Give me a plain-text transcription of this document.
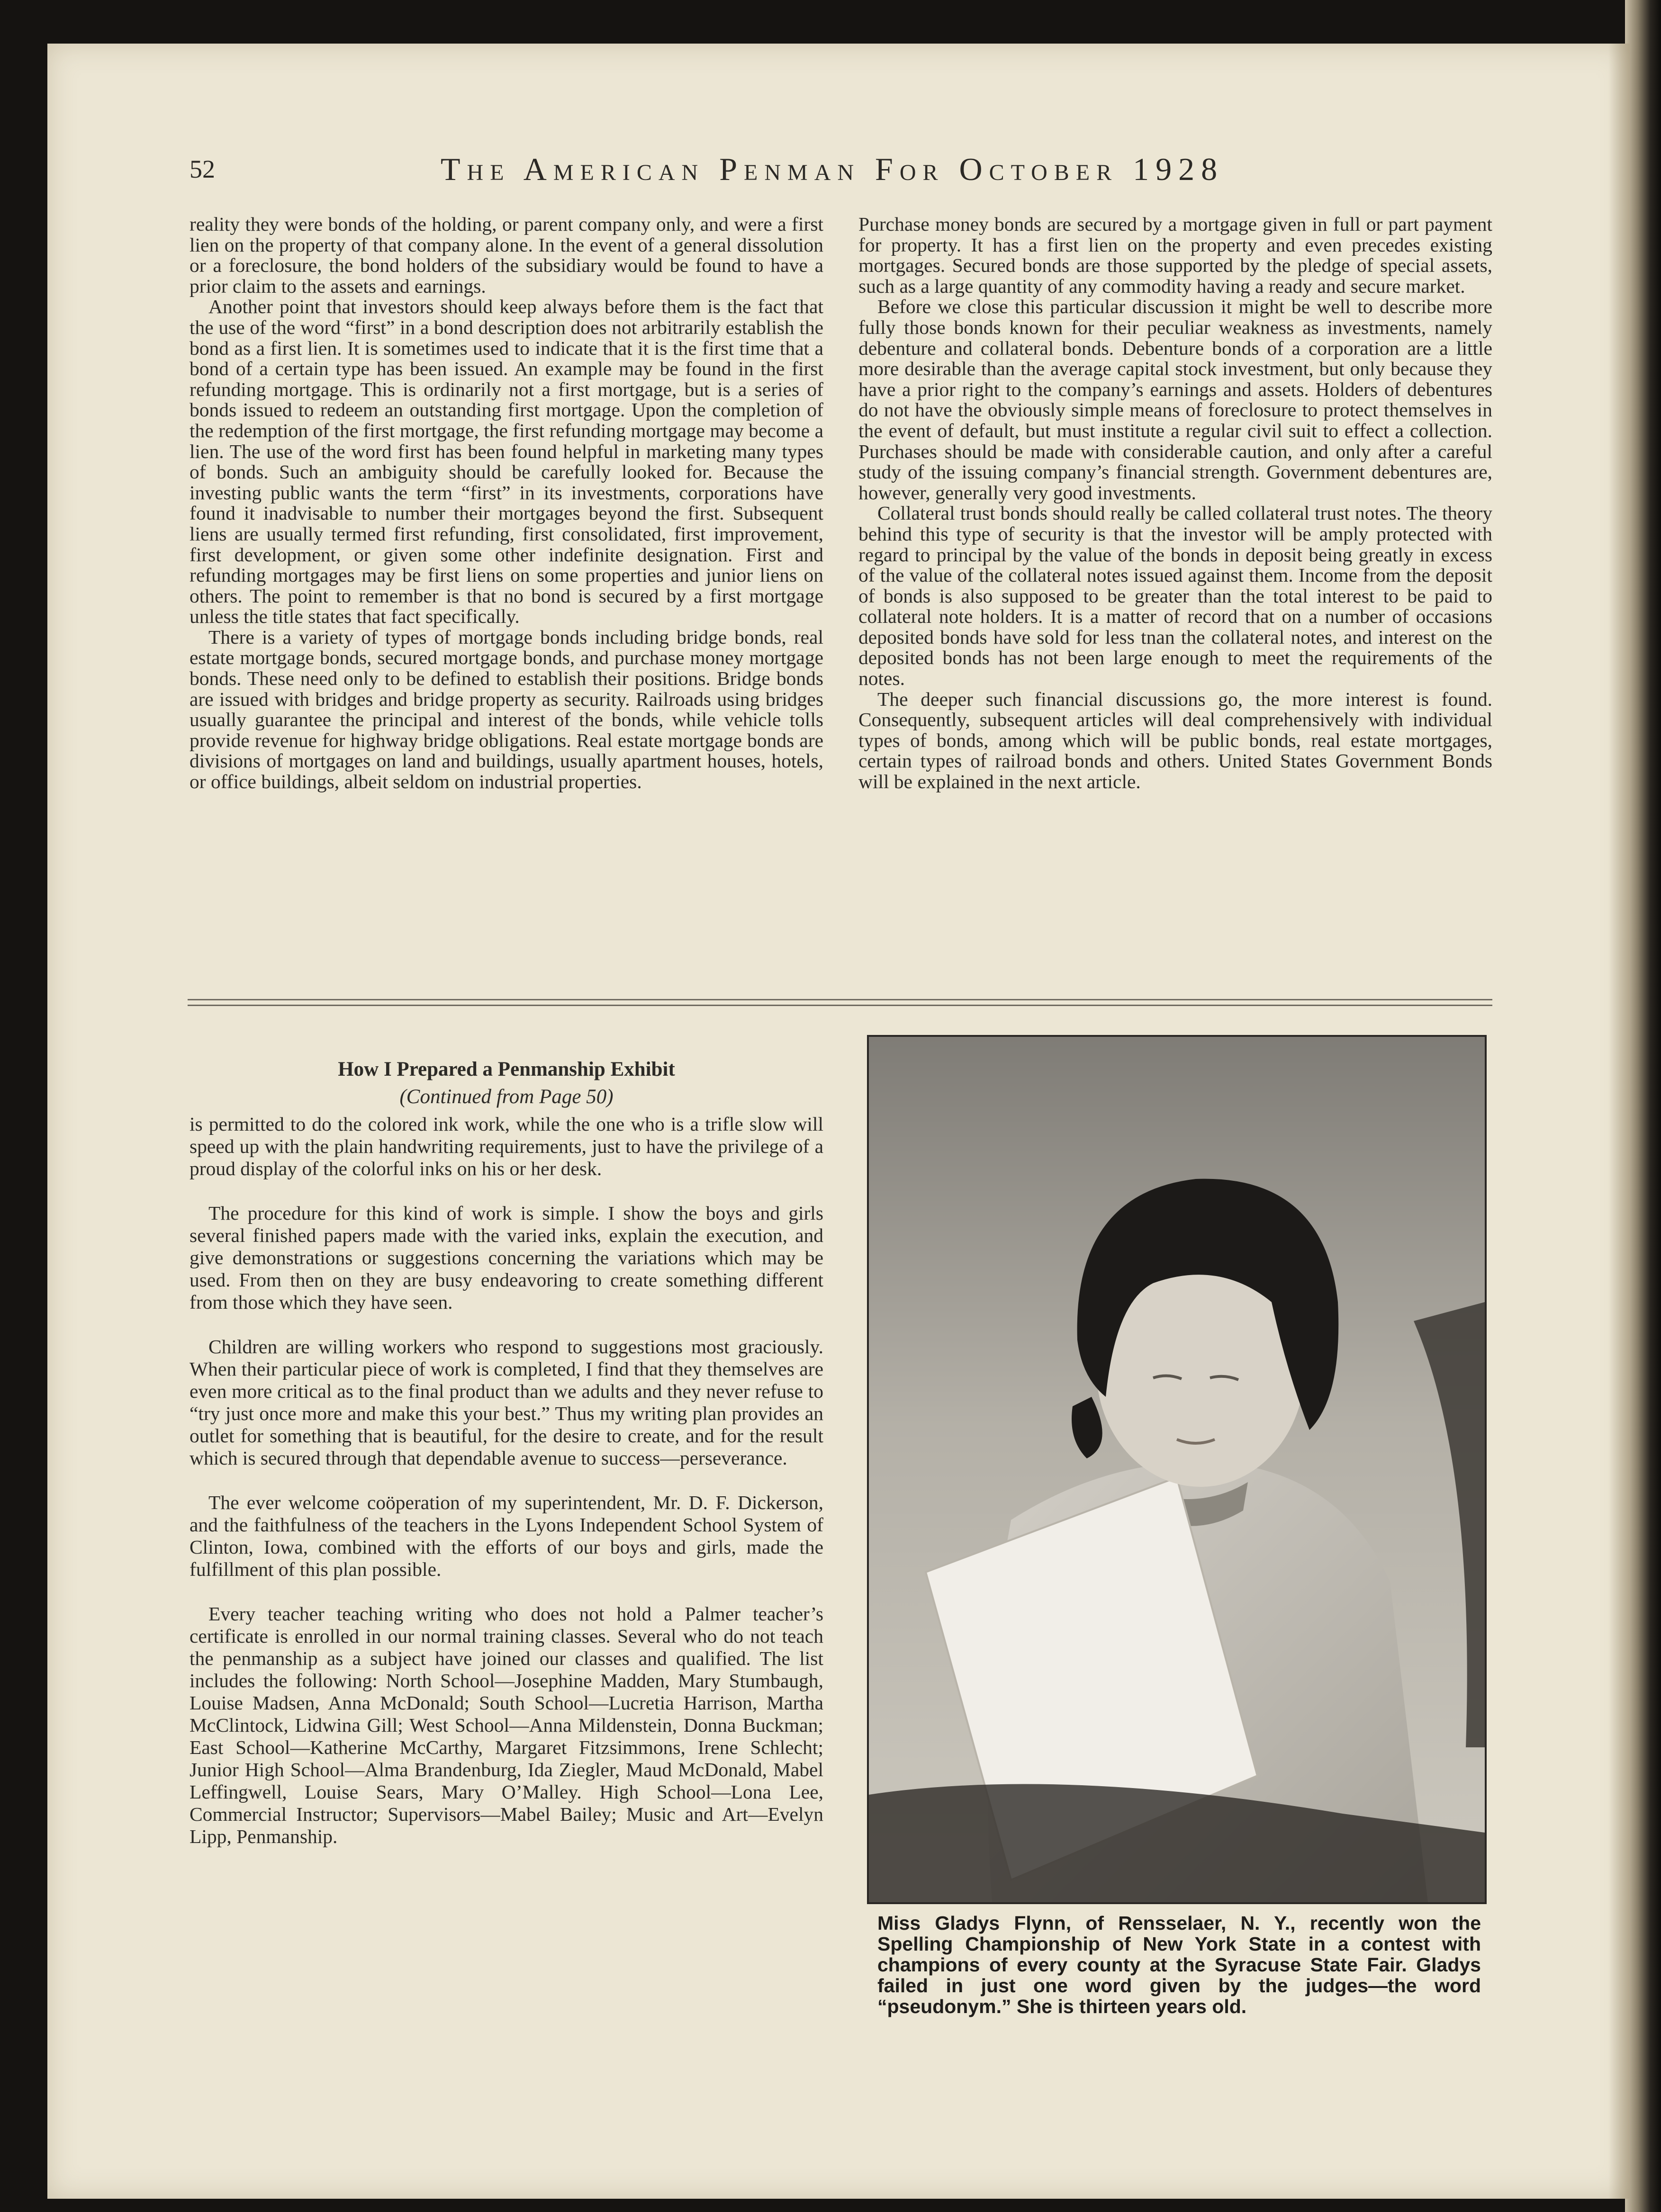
52	The American Penman For October 1928

reality they were bonds of the holding, or parent company only, and were a first lien on the property of that company alone. In the event of a general dissolution or a foreclosure, the bond holders of the subsidiary would be found to have a prior claim to the assets and earnings.

Another point that investors should keep always before them is the fact that the use of the word “first” in a bond description does not arbitrarily establish the bond as a first lien. It is sometimes used to indicate that it is the first time that a bond of a certain type has been issued. An example may be found in the first refunding mortgage. This is ordinarily not a first mortgage, but is a series of bonds issued to redeem an outstanding first mortgage. Upon the completion of the redemption of the first mortgage, the first refunding mortgage may become a lien. The use of the word first has been found helpful in marketing many types of bonds. Such an ambiguity should be carefully looked for. Because the investing public wants the term “first” in its investments, corporations have found it inadvisable to number their mortgages beyond the first. Subsequent liens are usually termed first refunding, first consolidated, first improvement, first development, or given some other indefinite designation. First and refunding mortgages may be first liens on some properties and junior liens on others. The point to remember is that no bond is secured by a first mortgage unless the title states that fact specifically.

There is a variety of types of mortgage bonds including bridge bonds, real estate mortgage bonds, secured mortgage bonds, and purchase money mortgage bonds. These need only to be defined to establish their positions. Bridge bonds are issued with bridges and bridge property as security. Railroads using bridges usually guarantee the principal and interest of the bonds, while vehicle tolls provide revenue for highway bridge obligations. Real estate mortgage bonds are divisions of mortgages on land and buildings, usually apartment houses, hotels, or office buildings, albeit seldom on industrial properties.

Purchase money bonds are secured by a mortgage given in full or part payment for property. It has a first lien on the property and even precedes existing mortgages. Secured bonds are those supported by the pledge of special assets, such as a large quantity of any commodity having a ready and secure market.

Before we close this particular discussion it might be well to describe more fully those bonds known for their peculiar weakness as investments, namely debenture and collateral bonds. Debenture bonds of a corporation are a little more desirable than the average capital stock investment, but only because they have a prior right to the company’s earnings and assets. Holders of debentures do not have the obviously simple means of foreclosure to protect themselves in the event of default, but must institute a regular civil suit to effect a collection. Purchases should be made with considerable caution, and only after a careful study of the issuing company’s financial strength. Government debentures are, however, generally very good investments.

Collateral trust bonds should really be called collateral trust notes. The theory behind this type of security is that the investor will be amply protected with regard to principal by the value of the bonds in deposit being greatly in excess of the value of the collateral notes issued against them. Income from the deposit of bonds is also supposed to be greater than the total interest to be paid to collateral note holders. It is a matter of record that on a number of occasions deposited bonds have sold for less tnan the collateral notes, and interest on the deposited bonds has not been large enough to meet the requirements of the notes.

The deeper such financial discussions go, the more interest is found. Consequently, subsequent articles will deal comprehensively with individual types of bonds, among which will be public bonds, real estate mortgages, certain types of railroad bonds and others. United States Government Bonds will be explained in the next article.

How I Prepared a Penmanship Exhibit
(Continued from Page 50)

is permitted to do the colored ink work, while the one who is a trifle slow will speed up with the plain handwriting requirements, just to have the privilege of a proud display of the colorful inks on his or her desk.

The procedure for this kind of work is simple. I show the boys and girls several finished papers made with the varied inks, explain the execution, and give demonstrations or suggestions concerning the variations which may be used. From then on they are busy endeavoring to create something different from those which they have seen.

Children are willing workers who respond to suggestions most graciously. When their particular piece of work is completed, I find that they themselves are even more critical as to the final product than we adults and they never refuse to “try just once more and make this your best.” Thus my writing plan provides an outlet for something that is beautiful, for the desire to create, and for the result which is secured through that dependable avenue to success—perseverance.

The ever welcome coöperation of my superintendent, Mr. D. F. Dickerson, and the faithfulness of the teachers in the Lyons Independent School System of Clinton, Iowa, combined with the efforts of our boys and girls, made the fulfillment of this plan possible.

Every teacher teaching writing who does not hold a Palmer teacher’s certificate is enrolled in our normal training classes. Several who do not teach the penmanship as a subject have joined our classes and qualified. The list includes the following: North School—Josephine Madden, Mary Stumbaugh, Louise Madsen, Anna McDonald; South School—Lucretia Harrison, Martha McClintock, Lidwina Gill; West School—Anna Mildenstein, Donna Buckman; East School—Katherine McCarthy, Margaret Fitzsimmons, Irene Schlecht; Junior High School—Alma Brandenburg, Ida Ziegler, Maud McDonald, Mabel Leffingwell, Louise Sears, Mary O’Malley. High School—Lona Lee, Commercial Instructor; Supervisors—Mabel Bailey; Music and Art—Evelyn Lipp, Penmanship.

Miss Gladys Flynn, of Rensselaer, N. Y., recently won the Spelling Championship of New York State in a contest with champions of every county at the Syracuse State Fair. Gladys failed in just one word given by the judges—the word “pseudonym.” She is thirteen years old.
